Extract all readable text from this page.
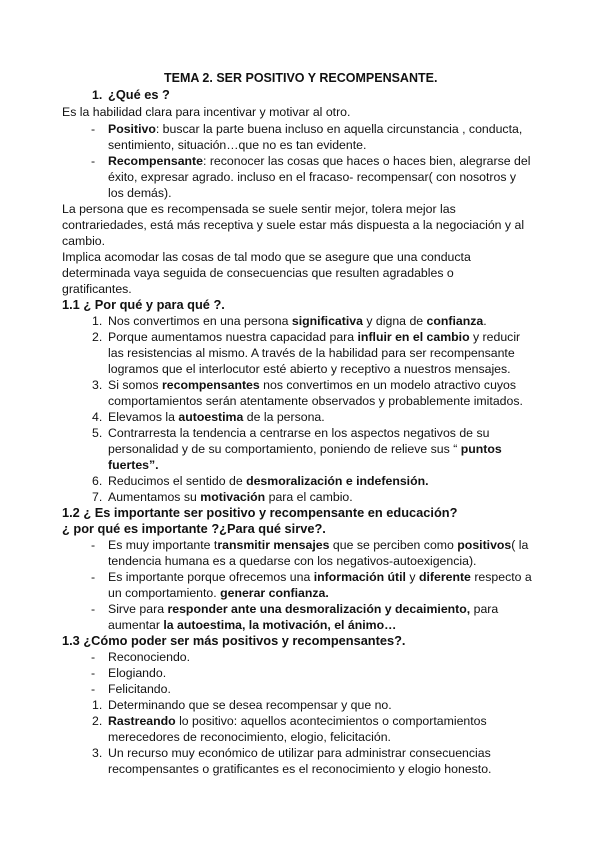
TEMA 2. SER POSITIVO Y RECOMPENSANTE.
1. ¿Qué es ?
Es la habilidad clara para incentivar y motivar al otro.
- Positivo: buscar la parte buena incluso en aquella circunstancia , conducta,
sentimiento, situación…que no es tan evidente.
- Recompensante: reconocer las cosas que haces o haces bien, alegrarse del
éxito, expresar agrado. incluso en el fracaso- recompensar( con nosotros y
los demás).
La persona que es recompensada se suele sentir mejor, tolera mejor las
contrariedades, está más receptiva y suele estar más dispuesta a la negociación y al
cambio.
Implica acomodar las cosas de tal modo que se asegure que una conducta
determinada vaya seguida de consecuencias que resulten agradables o
gratificantes.
1.1 ¿ Por qué y para qué ?.
1. Nos convertimos en una persona significativa y digna de confianza.
2. Porque aumentamos nuestra capacidad para influir en el cambio y reducir
las resistencias al mismo. A través de la habilidad para ser recompensante
logramos que el interlocutor esté abierto y receptivo a nuestros mensajes.
3. Si somos recompensantes nos convertimos en un modelo atractivo cuyos
comportamientos serán atentamente observados y probablemente imitados.
4. Elevamos la autoestima de la persona.
5. Contrarresta la tendencia a centrarse en los aspectos negativos de su
personalidad y de su comportamiento, poniendo de relieve sus “ puntos
fuertes”.
6. Reducimos el sentido de desmoralización e indefensión.
7. Aumentamos su motivación para el cambio.
1.2 ¿ Es importante ser positivo y recompensante en educación?
¿ por qué es importante ?¿Para qué sirve?.
- Es muy importante transmitir mensajes que se perciben como positivos( la
tendencia humana es a quedarse con los negativos-autoexigencia).
- Es importante porque ofrecemos una información útil y diferente respecto a
un comportamiento. generar confianza.
- Sirve para responder ante una desmoralización y decaimiento, para
aumentar la autoestima, la motivación, el ánimo…
1.3 ¿Cómo poder ser más positivos y recompensantes?.
- Reconociendo.
- Elogiando.
- Felicitando.
1. Determinando que se desea recompensar y que no.
2. Rastreando lo positivo: aquellos acontecimientos o comportamientos
merecedores de reconocimiento, elogio, felicitación.
3. Un recurso muy económico de utilizar para administrar consecuencias
recompensantes o gratificantes es el reconocimiento y elogio honesto.
